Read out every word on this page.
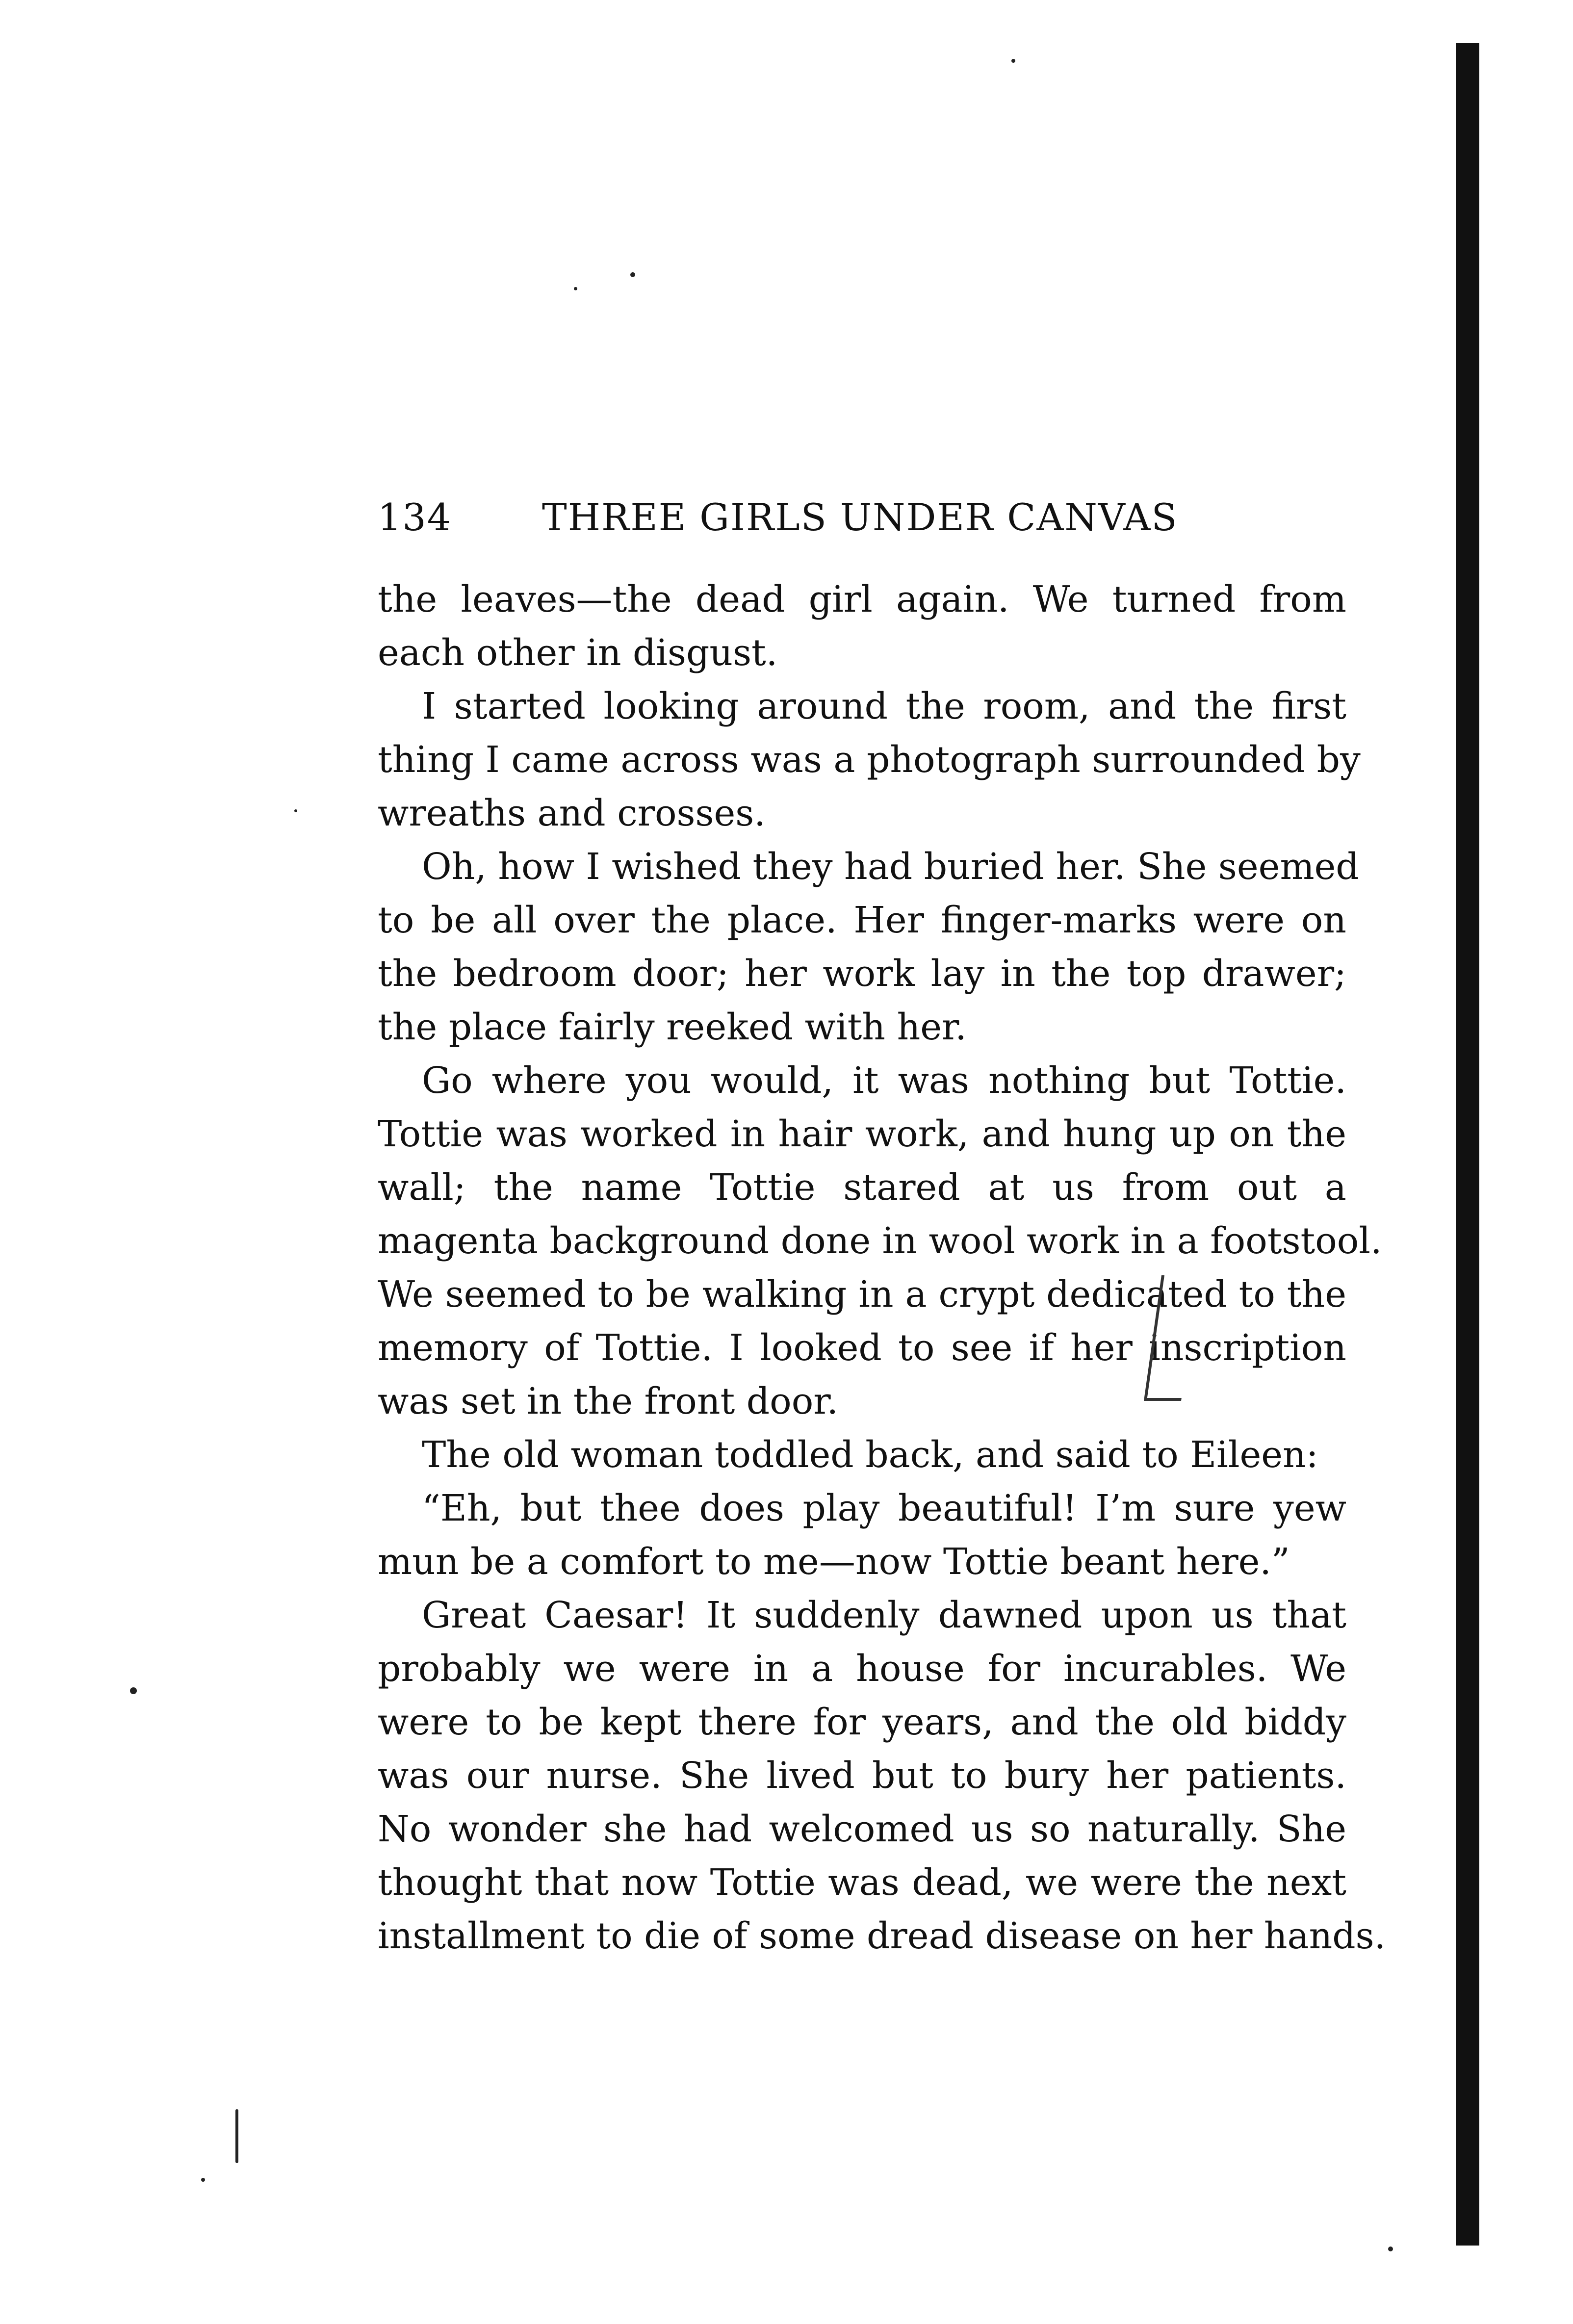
134 THREE GIRLS UNDER CANVAS
the leaves—the dead girl again. We turned from
each other in disgust.
I started looking around the room, and the first
thing I came across was a photograph surrounded by
wreaths and crosses.
Oh, how I wished they had buried her. She seemed
to be all over the place. Her finger-marks were on
the bedroom door; her work lay in the top drawer;
the place fairly reeked with her.
Go where you would, it was nothing but Tottie.
Tottie was worked in hair work, and hung up on the
wall; the name Tottie stared at us from out a
magenta background done in wool work in a footstool.
We seemed to be walking in a crypt dedicated to the
memory of Tottie. I looked to see if her inscription
was set in the front door.
The old woman toddled back, and said to Eileen:
“Eh, but thee does play beautiful! I’m sure yew
mun be a comfort to me—now Tottie beant here.”
Great Caesar! It suddenly dawned upon us that
probably we were in a house for incurables. We
were to be kept there for years, and the old biddy
was our nurse. She lived but to bury her patients.
No wonder she had welcomed us so naturally. She
thought that now Tottie was dead, we were the next
installment to die of some dread disease on her hands.
